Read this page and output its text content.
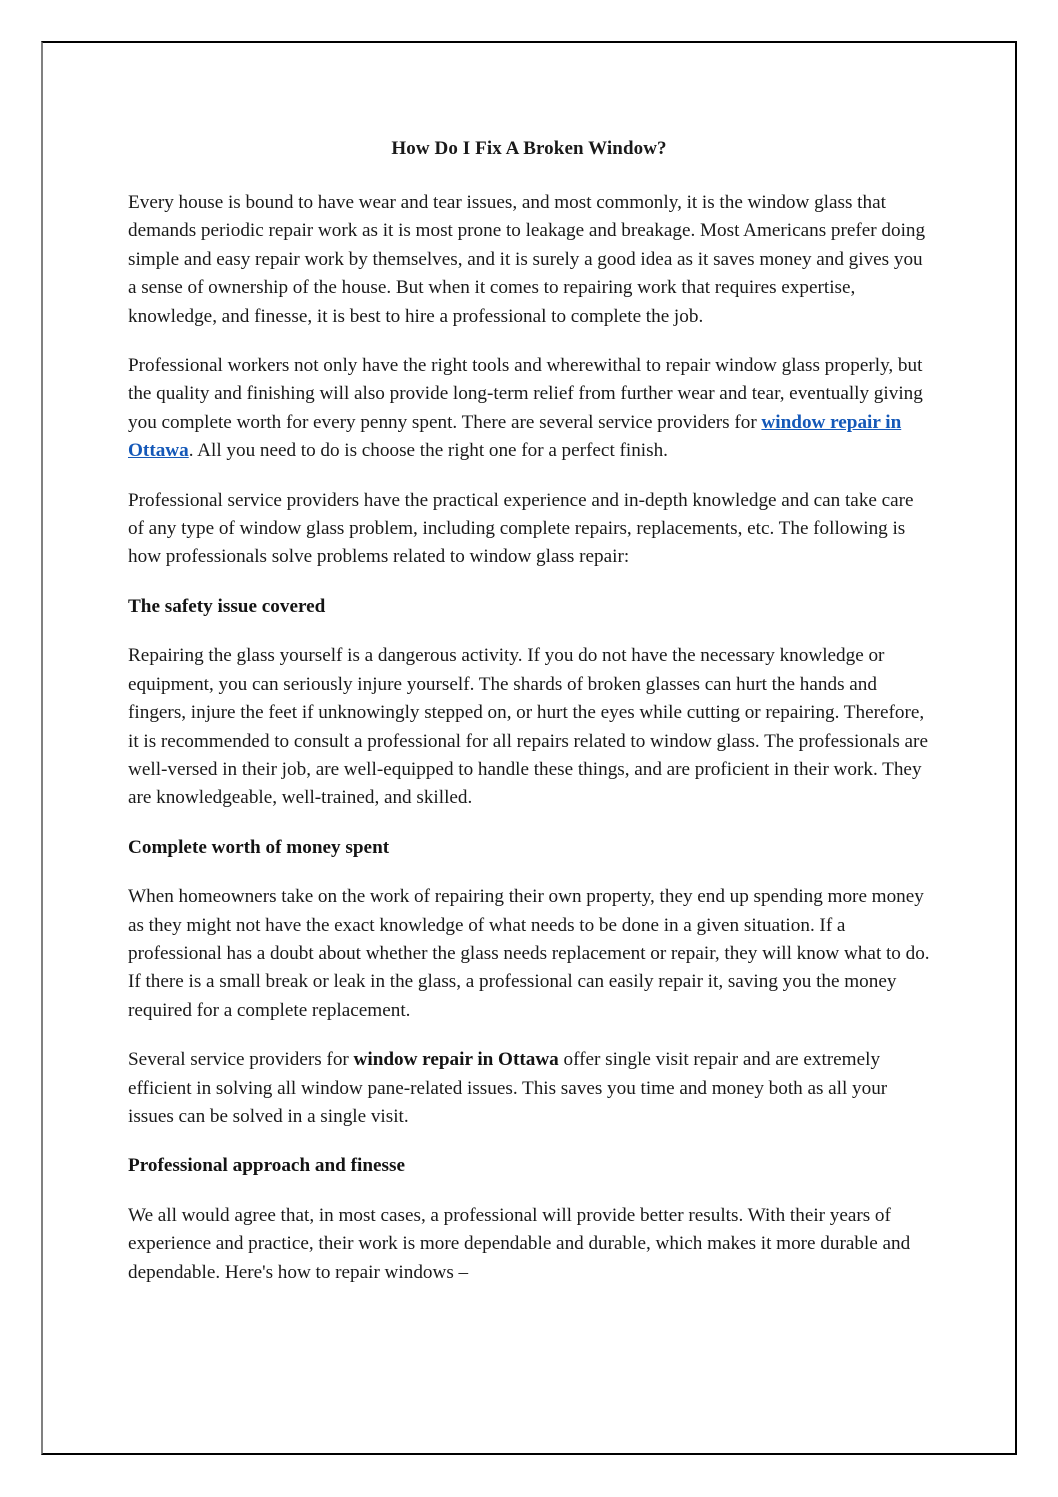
How Do I Fix A Broken Window?

Every house is bound to have wear and tear issues, and most commonly, it is the window glass that demands periodic repair work as it is most prone to leakage and breakage. Most Americans prefer doing simple and easy repair work by themselves, and it is surely a good idea as it saves money and gives you a sense of ownership of the house. But when it comes to repairing work that requires expertise, knowledge, and finesse, it is best to hire a professional to complete the job.

Professional workers not only have the right tools and wherewithal to repair window glass properly, but the quality and finishing will also provide long-term relief from further wear and tear, eventually giving you complete worth for every penny spent. There are several service providers for window repair in Ottawa. All you need to do is choose the right one for a perfect finish.

Professional service providers have the practical experience and in-depth knowledge and can take care of any type of window glass problem, including complete repairs, replacements, etc. The following is how professionals solve problems related to window glass repair:

The safety issue covered

Repairing the glass yourself is a dangerous activity. If you do not have the necessary knowledge or equipment, you can seriously injure yourself. The shards of broken glasses can hurt the hands and fingers, injure the feet if unknowingly stepped on, or hurt the eyes while cutting or repairing. Therefore, it is recommended to consult a professional for all repairs related to window glass. The professionals are well-versed in their job, are well-equipped to handle these things, and are proficient in their work. They are knowledgeable, well-trained, and skilled.

Complete worth of money spent

When homeowners take on the work of repairing their own property, they end up spending more money as they might not have the exact knowledge of what needs to be done in a given situation. If a professional has a doubt about whether the glass needs replacement or repair, they will know what to do. If there is a small break or leak in the glass, a professional can easily repair it, saving you the money required for a complete replacement.

Several service providers for window repair in Ottawa offer single visit repair and are extremely efficient in solving all window pane-related issues. This saves you time and money both as all your issues can be solved in a single visit.

Professional approach and finesse

We all would agree that, in most cases, a professional will provide better results. With their years of experience and practice, their work is more dependable and durable, which makes it more durable and dependable. Here's how to repair windows –
